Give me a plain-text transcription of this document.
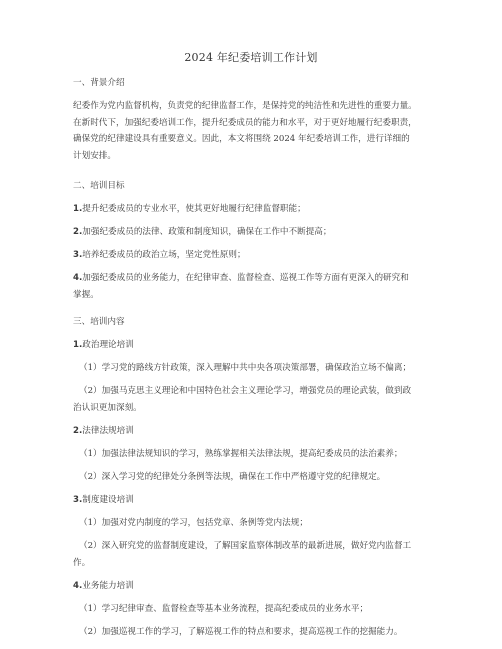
2024 年纪委培训工作计划
一、背景介绍
纪委作为党内监督机构，负责党的纪律监督工作，是保持党的纯洁性和先进性的重要力量。
在新时代下，加强纪委培训工作，提升纪委成员的能力和水平，对于更好地履行纪委职责，
确保党的纪律建设具有重要意义。因此，本文将围绕 2024 年纪委培训工作，进行详细的
计划安排。
二、培训目标
1.提升纪委成员的专业水平，使其更好地履行纪律监督职能；
2.加强纪委成员的法律、政策和制度知识，确保在工作中不断提高；
3.培养纪委成员的政治立场，坚定党性原则；
4.加强纪委成员的业务能力，在纪律审查、监督检查、巡视工作等方面有更深入的研究和
掌握。
三、培训内容
1.政治理论培训
（1）学习党的路线方针政策，深入理解中共中央各项决策部署，确保政治立场不偏离；
（2）加强马克思主义理论和中国特色社会主义理论学习，增强党员的理论武装，做到政
治认识更加深刻。
2.法律法规培训
（1）加强法律法规知识的学习，熟练掌握相关法律法规，提高纪委成员的法治素养；
（2）深入学习党的纪律处分条例等法规，确保在工作中严格遵守党的纪律规定。
3.制度建设培训
（1）加强对党内制度的学习，包括党章、条例等党内法规；
（2）深入研究党的监督制度建设，了解国家监察体制改革的最新进展，做好党内监督工
作。
4.业务能力培训
（1）学习纪律审查、监督检查等基本业务流程，提高纪委成员的业务水平；
（2）加强巡视工作的学习，了解巡视工作的特点和要求，提高巡视工作的挖掘能力。
